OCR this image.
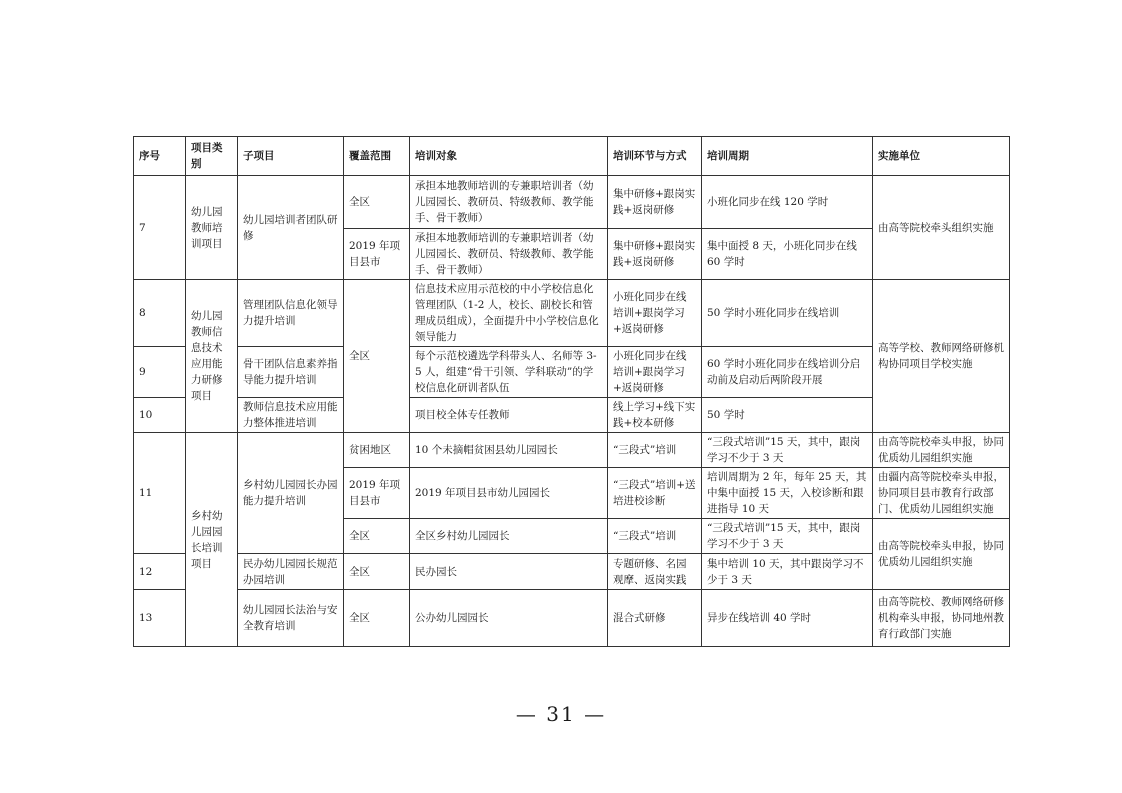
序号	项目类别	子项目	覆盖范围	培训对象	培训环节与方式	培训周期	实施单位
7	幼儿园教师培训项目	幼儿园培训者团队研修	全区	承担本地教师培训的专兼职培训者（幼儿园园长、教研员、特级教师、教学能手、骨干教师）	集中研修+跟岗实践+返岗研修	小班化同步在线 120 学时	由高等院校牵头组织实施
			2019 年项目县市	承担本地教师培训的专兼职培训者（幼儿园园长、教研员、特级教师、教学能手、骨干教师）	集中研修+跟岗实践+返岗研修	集中面授 8 天，小班化同步在线 60 学时	
8	幼儿园教师信息技术应用能力研修项目	管理团队信息化领导力提升培训	全区	信息技术应用示范校的中小学校信息化管理团队（1-2 人，校长、副校长和管理成员组成），全面提升中小学校信息化领导能力	小班化同步在线培训+跟岗学习+返岗研修	50 学时小班化同步在线培训	高等学校、教师网络研修机构协同项目学校实施
9		骨干团队信息素养指导能力提升培训		每个示范校遴选学科带头人、名师等 3-5 人，组建“骨干引领、学科联动”的学校信息化研训者队伍	小班化同步在线培训+跟岗学习+返岗研修	60 学时小班化同步在线培训分启动前及启动后两阶段开展	
10		教师信息技术应用能力整体推进培训		项目校全体专任教师	线上学习+线下实践+校本研修	50 学时	
11	乡村幼儿园园长培训项目	乡村幼儿园园长办园能力提升培训	贫困地区	10 个未摘帽贫困县幼儿园园长	“三段式”培训	“三段式培训”15 天，其中，跟岗学习不少于 3 天	由高等院校牵头申报，协同优质幼儿园组织实施
			2019 年项目县市	2019 年项目县市幼儿园园长	“三段式”培训+送培进校诊断	培训周期为 2 年，每年 25 天，其中集中面授 15 天，入校诊断和跟进指导 10 天	由疆内高等院校牵头申报，协同项目县市教育行政部门、优质幼儿园组织实施
			全区	全区乡村幼儿园园长	“三段式”培训	“三段式培训”15 天，其中，跟岗学习不少于 3 天	由高等院校牵头申报，协同优质幼儿园组织实施
12		民办幼儿园园长规范办园培训	全区	民办园长	专题研修、名园观摩、返岗实践	集中培训 10 天，其中跟岗学习不少于 3 天	
13		幼儿园园长法治与安全教育培训	全区	公办幼儿园园长	混合式研修	异步在线培训 40 学时	由高等院校、教师网络研修机构牵头申报，协同地州教育行政部门实施
— 31 —
